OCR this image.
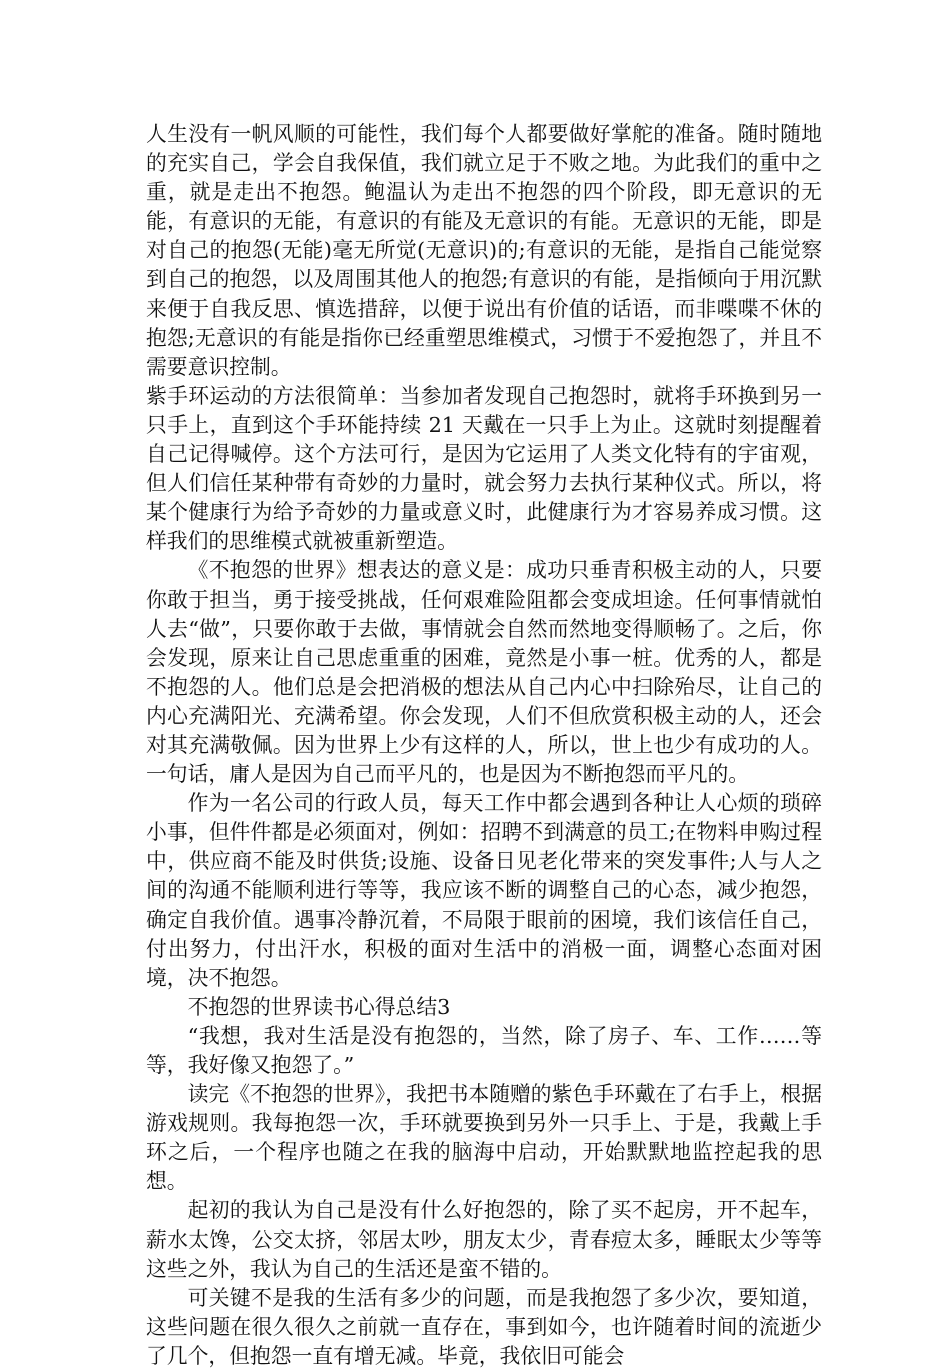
人生没有一帆风顺的可能性，我们每个人都要做好掌舵的准备。随时随地的充实自己，学会自我保值，我们就立足于不败之地。为此我们的重中之重，就是走出不抱怨。鲍温认为走出不抱怨的四个阶段，即无意识的无能，有意识的无能，有意识的有能及无意识的有能。无意识的无能，即是对自己的抱怨(无能)毫无所觉(无意识)的;有意识的无能，是指自己能觉察到自己的抱怨，以及周围其他人的抱怨;有意识的有能，是指倾向于用沉默来便于自我反思、慎选措辞，以便于说出有价值的话语，而非喋喋不休的抱怨;无意识的有能是指你已经重塑思维模式，习惯于不爱抱怨了，并且不需要意识控制。

紫手环运动的方法很简单：当参加者发现自己抱怨时，就将手环换到另一只手上，直到这个手环能持续 21 天戴在一只手上为止。这就时刻提醒着自己记得喊停。这个方法可行，是因为它运用了人类文化特有的宇宙观，但人们信任某种带有奇妙的力量时，就会努力去执行某种仪式。所以，将某个健康行为给予奇妙的力量或意义时，此健康行为才容易养成习惯。这样我们的思维模式就被重新塑造。

《不抱怨的世界》想表达的意义是：成功只垂青积极主动的人，只要你敢于担当，勇于接受挑战，任何艰难险阻都会变成坦途。任何事情就怕人去“做”，只要你敢于去做，事情就会自然而然地变得顺畅了。之后，你会发现，原来让自己思虑重重的困难，竟然是小事一桩。优秀的人，都是不抱怨的人。他们总是会把消极的想法从自己内心中扫除殆尽，让自己的内心充满阳光、充满希望。你会发现，人们不但欣赏积极主动的人，还会对其充满敬佩。因为世界上少有这样的人，所以，世上也少有成功的人。一句话，庸人是因为自己而平凡的，也是因为不断抱怨而平凡的。

作为一名公司的行政人员，每天工作中都会遇到各种让人心烦的琐碎小事，但件件都是必须面对，例如：招聘不到满意的员工;在物料申购过程中，供应商不能及时供货;设施、设备日见老化带来的突发事件;人与人之间的沟通不能顺利进行等等，我应该不断的调整自己的心态，减少抱怨，确定自我价值。遇事冷静沉着，不局限于眼前的困境，我们该信任自己，付出努力，付出汗水，积极的面对生活中的消极一面，调整心态面对困境，决不抱怨。

不抱怨的世界读书心得总结3

“我想，我对生活是没有抱怨的，当然，除了房子、车、工作……等等，我好像又抱怨了。”

读完《不抱怨的世界》，我把书本随赠的紫色手环戴在了右手上，根据游戏规则。我每抱怨一次，手环就要换到另外一只手上、于是，我戴上手环之后，一个程序也随之在我的脑海中启动，开始默默地监控起我的思想。

起初的我认为自己是没有什么好抱怨的，除了买不起房，开不起车，薪水太馋，公交太挤，邻居太吵，朋友太少，青春痘太多，睡眠太少等等这些之外，我认为自己的生活还是蛮不错的。

可关键不是我的生活有多少的问题，而是我抱怨了多少次，要知道，这些问题在很久很久之前就一直存在，事到如今，也许随着时间的流逝少了几个，但抱怨一直有增无减。毕竟，我依旧可能会
